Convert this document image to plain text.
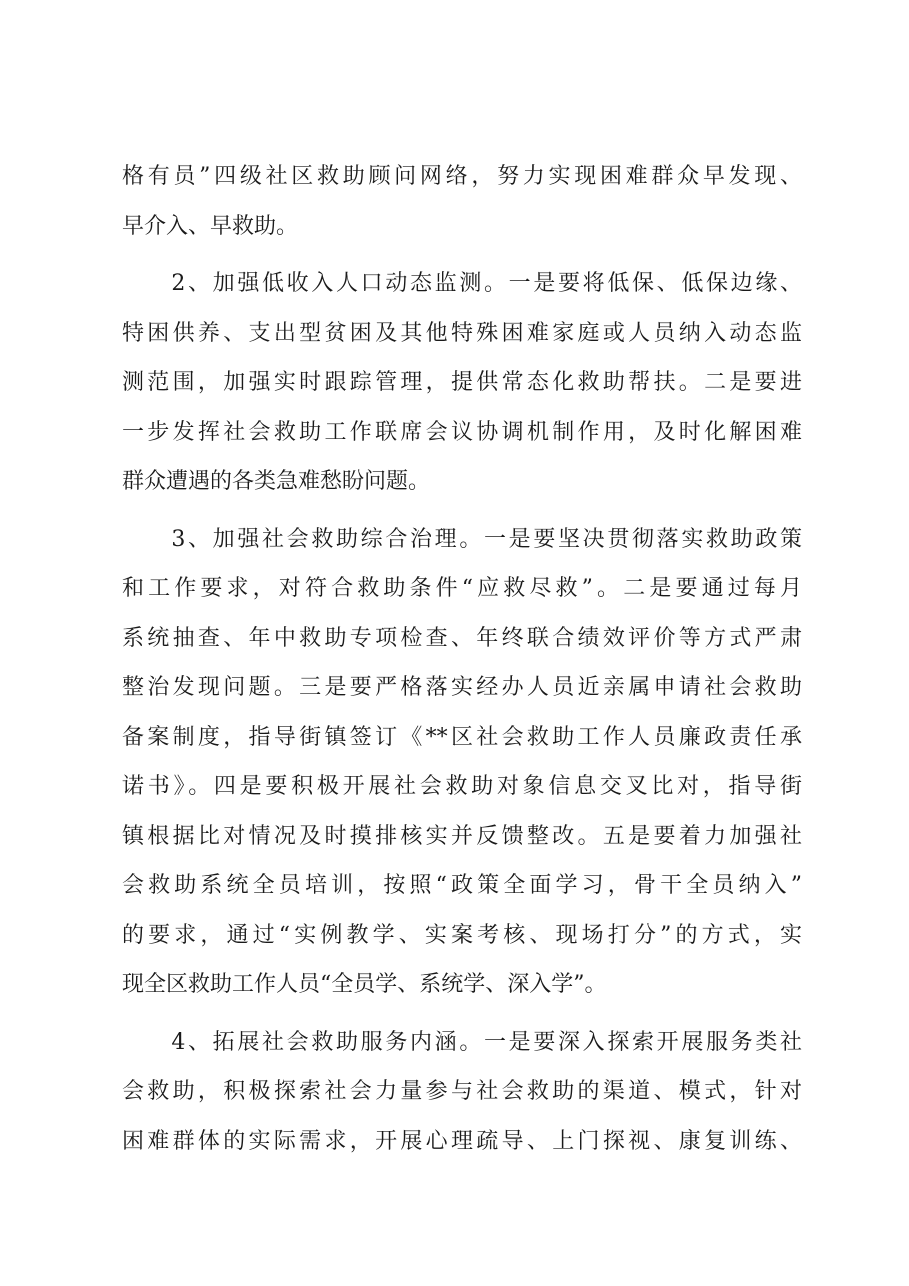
格有员”四级社区救助顾问网络，努力实现困难群众早发现、
早介入、早救助。
　　2、加强低收入人口动态监测。一是要将低保、低保边缘、
特困供养、支出型贫困及其他特殊困难家庭或人员纳入动态监
测范围，加强实时跟踪管理，提供常态化救助帮扶。二是要进
一步发挥社会救助工作联席会议协调机制作用，及时化解困难
群众遭遇的各类急难愁盼问题。
　　3、加强社会救助综合治理。一是要坚决贯彻落实救助政策
和工作要求，对符合救助条件“应救尽救”。二是要通过每月
系统抽查、年中救助专项检查、年终联合绩效评价等方式严肃
整治发现问题。三是要严格落实经办人员近亲属申请社会救助
备案制度，指导街镇签订《**区社会救助工作人员廉政责任承
诺书》。四是要积极开展社会救助对象信息交叉比对，指导街
镇根据比对情况及时摸排核实并反馈整改。五是要着力加强社
会救助系统全员培训，按照“政策全面学习，骨干全员纳入”
的要求，通过“实例教学、实案考核、现场打分”的方式，实
现全区救助工作人员“全员学、系统学、深入学”。
　　4、拓展社会救助服务内涵。一是要深入探索开展服务类社
会救助，积极探索社会力量参与社会救助的渠道、模式，针对
困难群体的实际需求，开展心理疏导、上门探视、康复训练、
